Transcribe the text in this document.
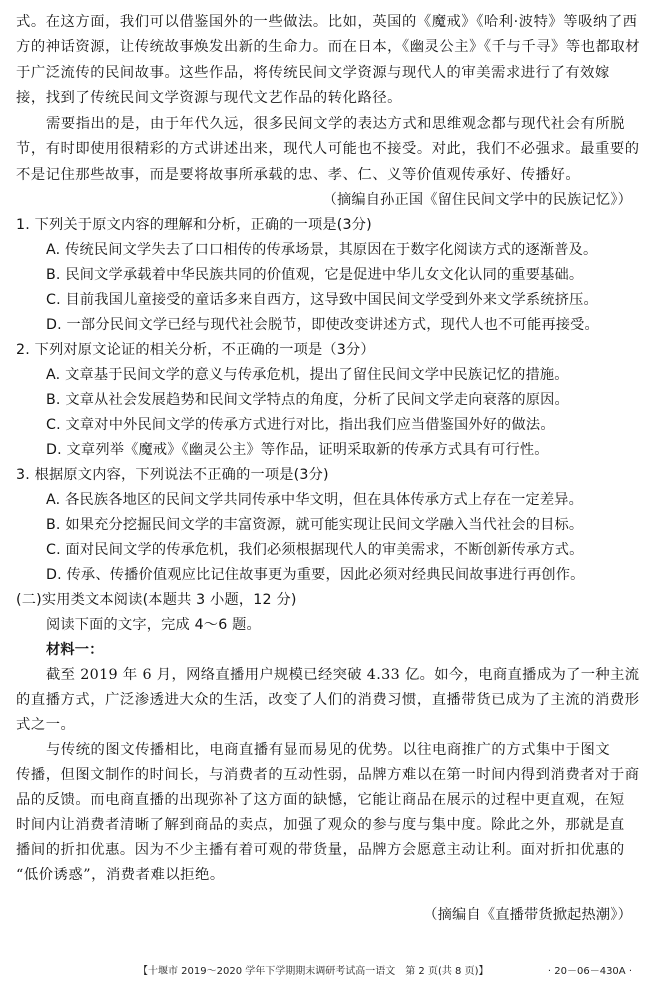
式。在这方面，我们可以借鉴国外的一些做法。比如，英国的《魔戒》《哈利·波特》等吸纳了西
方的神话资源，让传统故事焕发出新的生命力。而在日本，《幽灵公主》《千与千寻》等也都取材
于广泛流传的民间故事。这些作品，将传统民间文学资源与现代人的审美需求进行了有效嫁
接，找到了传统民间文学资源与现代文艺作品的转化路径。
需要指出的是，由于年代久远，很多民间文学的表达方式和思维观念都与现代社会有所脱
节，有时即使用很精彩的方式讲述出来，现代人可能也不接受。对此，我们不必强求。最重要的
不是记住那些故事，而是要将故事所承载的忠、孝、仁、义等价值观传承好、传播好。
（摘编自孙正国《留住民间文学中的民族记忆》）
1. 下列关于原文内容的理解和分析，正确的一项是(3分)
A. 传统民间文学失去了口口相传的传承场景，其原因在于数字化阅读方式的逐渐普及。
B. 民间文学承载着中华民族共同的价值观，它是促进中华儿女文化认同的重要基础。
C. 目前我国儿童接受的童话多来自西方，这导致中国民间文学受到外来文学系统挤压。
D. 一部分民间文学已经与现代社会脱节，即使改变讲述方式，现代人也不可能再接受。
2. 下列对原文论证的相关分析，不正确的一项是（3分）
A. 文章基于民间文学的意义与传承危机，提出了留住民间文学中民族记忆的措施。
B. 文章从社会发展趋势和民间文学特点的角度，分析了民间文学走向衰落的原因。
C. 文章对中外民间文学的传承方式进行对比，指出我们应当借鉴国外好的做法。
D. 文章列举《魔戒》《幽灵公主》等作品，证明采取新的传承方式具有可行性。
3. 根据原文内容，下列说法不正确的一项是(3分)
A. 各民族各地区的民间文学共同传承中华文明，但在具体传承方式上存在一定差异。
B. 如果充分挖掘民间文学的丰富资源，就可能实现让民间文学融入当代社会的目标。
C. 面对民间文学的传承危机，我们必须根据现代人的审美需求，不断创新传承方式。
D. 传承、传播价值观应比记住故事更为重要，因此必须对经典民间故事进行再创作。
(二)实用类文本阅读(本题共 3 小题，12 分)
阅读下面的文字，完成 4～6 题。
材料一：
截至 2019 年 6 月，网络直播用户规模已经突破 4.33 亿。如今，电商直播成为了一种主流
的直播方式，广泛渗透进大众的生活，改变了人们的消费习惯，直播带货已成为了主流的消费形
式之一。
与传统的图文传播相比，电商直播有显而易见的优势。以往电商推广的方式集中于图文
传播，但图文制作的时间长，与消费者的互动性弱，品牌方难以在第一时间内得到消费者对于商
品的反馈。而电商直播的出现弥补了这方面的缺憾，它能让商品在展示的过程中更直观，在短
时间内让消费者清晰了解到商品的卖点，加强了观众的参与度与集中度。除此之外，那就是直
播间的折扣优惠。因为不少主播有着可观的带货量，品牌方会愿意主动让利。面对折扣优惠的
“低价诱惑”，消费者难以拒绝。
（摘编自《直播带货掀起热潮》）
【十堰市 2019～2020 学年下学期期末调研考试高一语文　第 2 页(共 8 页)】	· 20－06－430A ·
